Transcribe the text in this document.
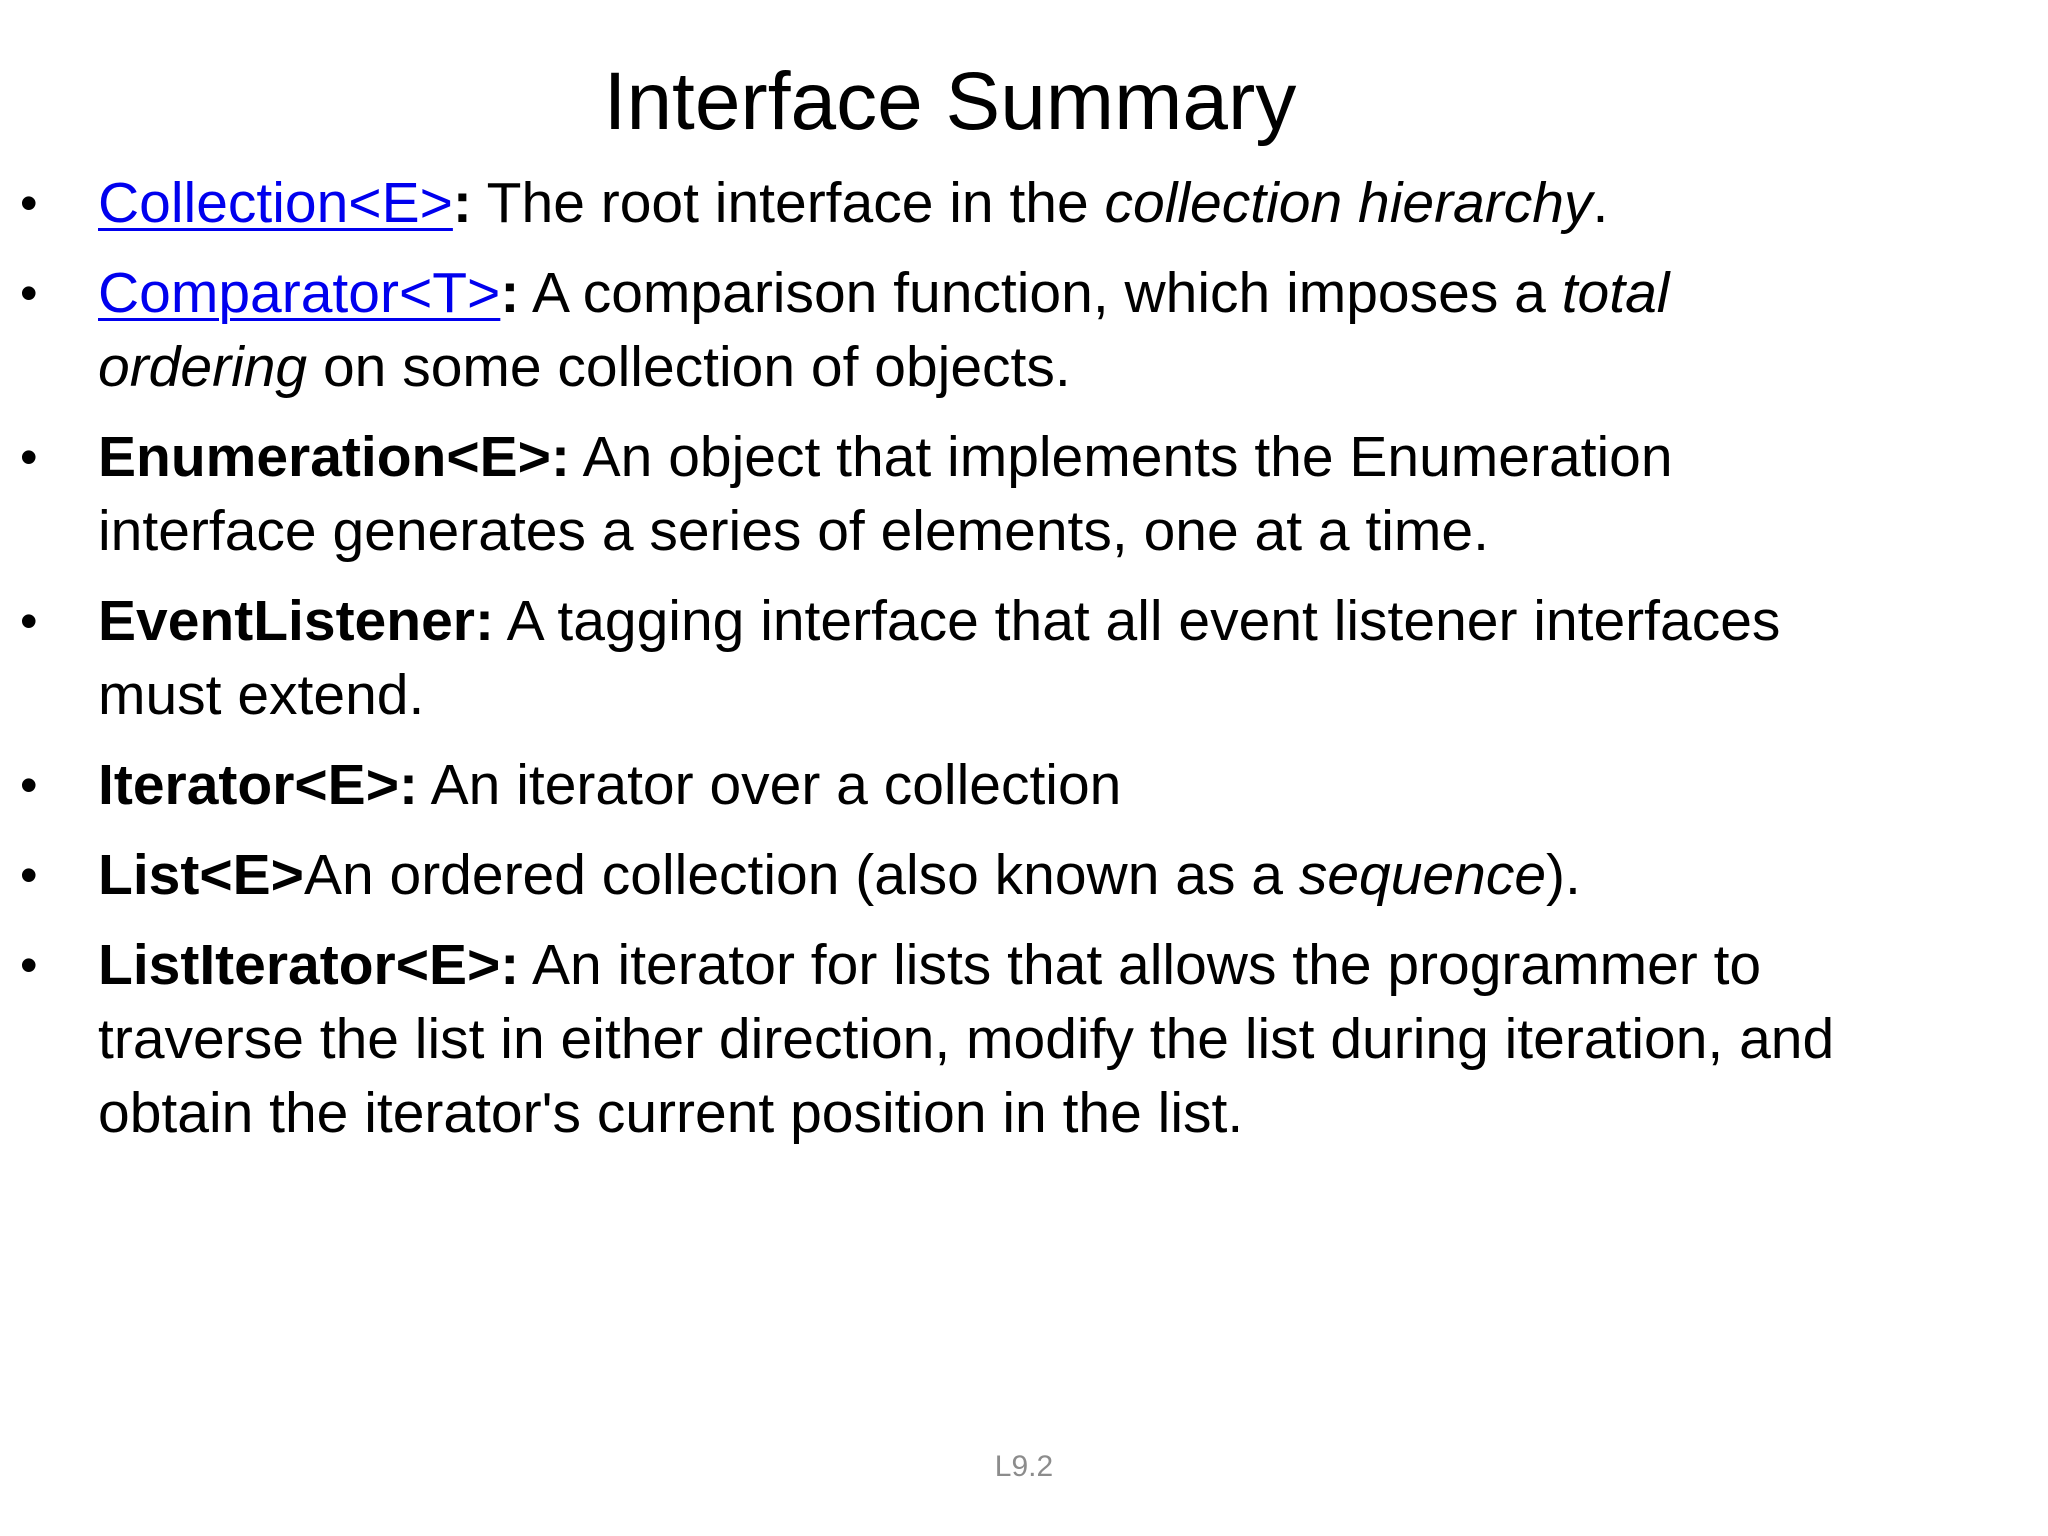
Interface Summary
•	Collection<E>: The root interface in the collection hierarchy.
•	Comparator<T>: A comparison function, which imposes a total ordering on some collection of objects.
•	Enumeration<E>: An object that implements the Enumeration interface generates a series of elements, one at a time.
•	EventListener: A tagging interface that all event listener interfaces must extend.
•	Iterator<E>: An iterator over a collection
•	List<E>An ordered collection (also known as a sequence).
•	ListIterator<E>: An iterator for lists that allows the programmer to traverse the list in either direction, modify the list during iteration, and obtain the iterator's current position in the list.
L9.2
